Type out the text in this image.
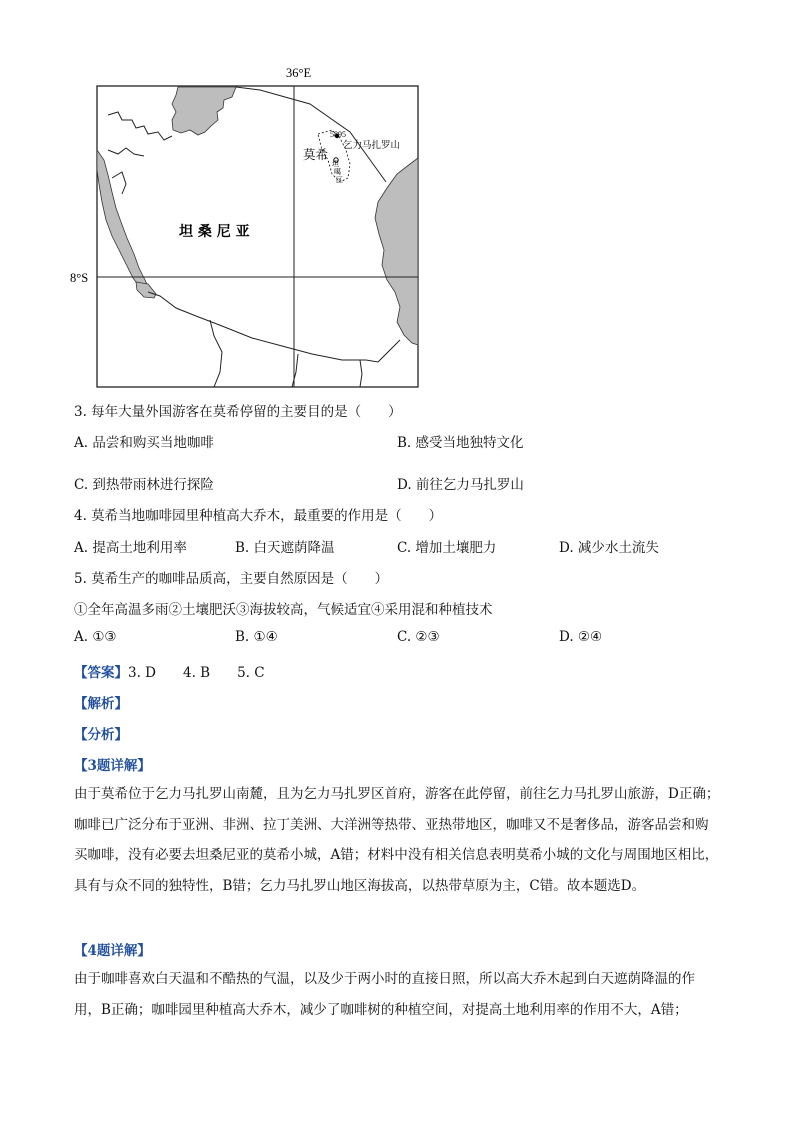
36°E
8°S
5895
乞力马扎罗山
莫希
坦
噶
区
坦 桑 尼 亚
3. 每年大量外国游客在莫希停留的主要目的是（　　）
A. 品尝和购买当地咖啡	B. 感受当地独特文化
C. 到热带雨林进行探险	D. 前往乞力马扎罗山
4. 莫希当地咖啡园里种植高大乔木，最重要的作用是（　　）
A. 提高土地利用率	B. 白天遮荫降温	C. 增加土壤肥力	D. 减少水土流失
5. 莫希生产的咖啡品质高，主要自然原因是（　　）
①全年高温多雨②土壤肥沃③海拔较高，气候适宜④采用混和种植技术
A. ①③	B. ①④	C. ②③	D. ②④
【答案】3. D　　4. B　　5. C
【解析】
【分析】
【3题详解】
由于莫希位于乞力马扎罗山南麓，且为乞力马扎罗区首府，游客在此停留，前往乞力马扎罗山旅游，D正确；咖啡已广泛分布于亚洲、非洲、拉丁美洲、大洋洲等热带、亚热带地区，咖啡又不是奢侈品，游客品尝和购买咖啡，没有必要去坦桑尼亚的莫希小城，A错；材料中没有相关信息表明莫希小城的文化与周围地区相比，具有与众不同的独特性，B错；乞力马扎罗山地区海拔高，以热带草原为主，C错。故本题选D。
【4题详解】
由于咖啡喜欢白天温和不酷热的气温，以及少于两小时的直接日照，所以高大乔木起到白天遮荫降温的作用，B正确；咖啡园里种植高大乔木，减少了咖啡树的种植空间，对提高土地利用率的作用不大，A错；
